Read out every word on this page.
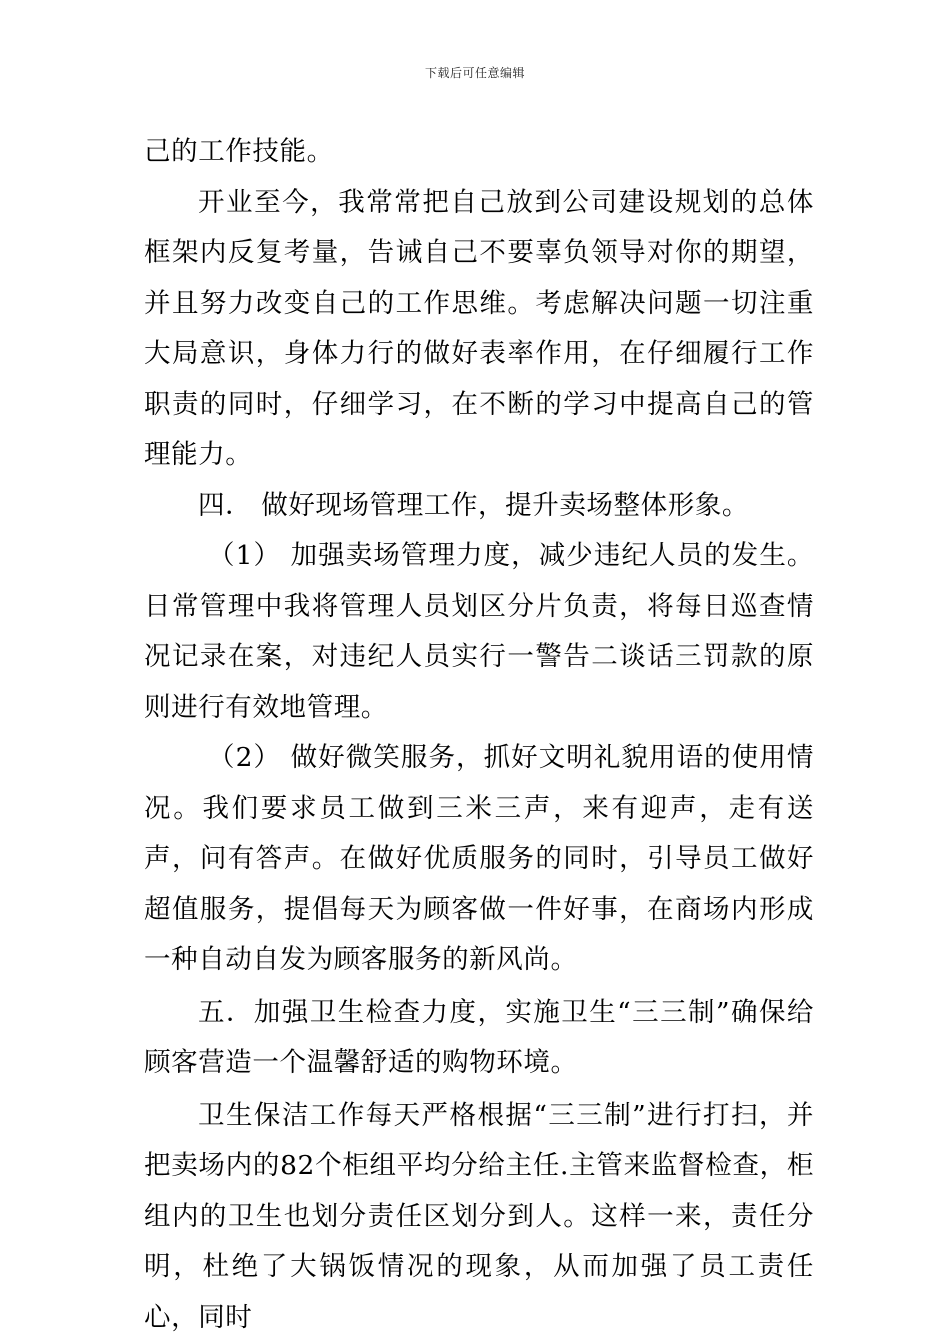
下载后可任意编辑

己的工作技能。

开业至今，我常常把自己放到公司建设规划的总体框架内反复考量，告诫自己不要辜负领导对你的期望，并且努力改变自己的工作思维。考虑解决问题一切注重大局意识，身体力行的做好表率作用，在仔细履行工作职责的同时，仔细学习，在不断的学习中提高自己的管理能力。

四． 做好现场管理工作，提升卖场整体形象。

（1） 加强卖场管理力度，减少违纪人员的发生。日常管理中我将管理人员划区分片负责，将每日巡查情况记录在案，对违纪人员实行一警告二谈话三罚款的原则进行有效地管理。

（2） 做好微笑服务，抓好文明礼貌用语的使用情况。我们要求员工做到三米三声，来有迎声，走有送声，问有答声。在做好优质服务的同时，引导员工做好超值服务，提倡每天为顾客做一件好事，在商场内形成一种自动自发为顾客服务的新风尚。

五．加强卫生检查力度，实施卫生“三三制”确保给顾客营造一个温馨舒适的购物环境。

卫生保洁工作每天严格根据“三三制”进行打扫，并把卖场内的82个柜组平均分给主任.主管来监督检查，柜组内的卫生也划分责任区划分到人。这样一来，责任分明，杜绝了大锅饭情况的现象，从而加强了员工责任心，同时
